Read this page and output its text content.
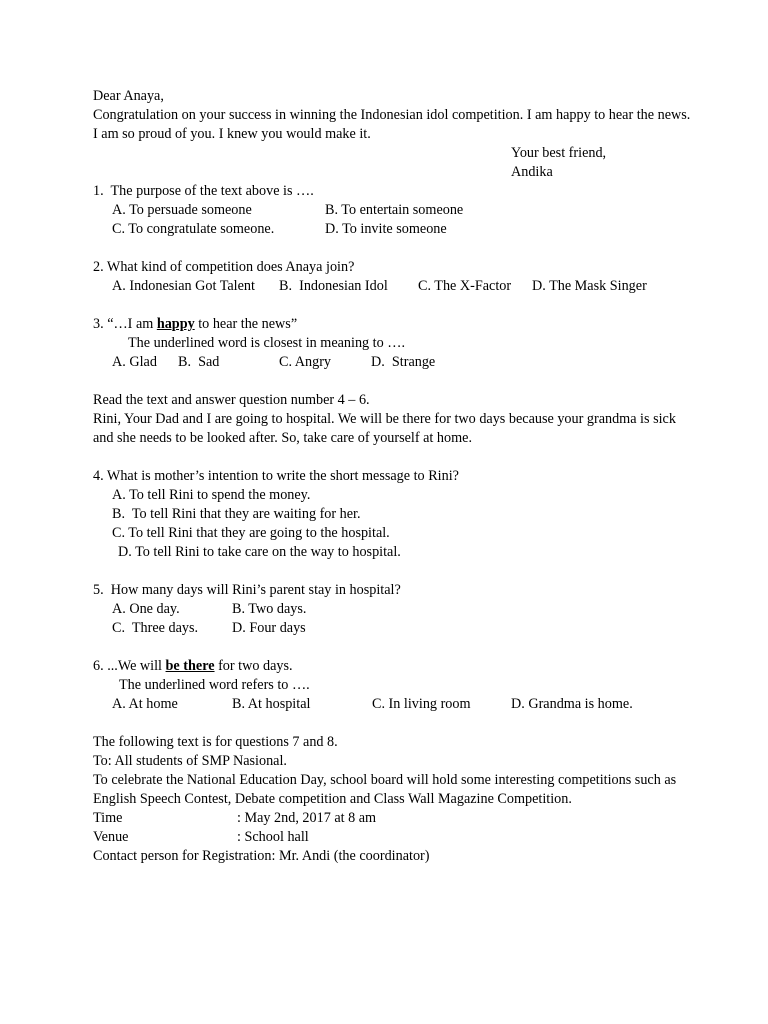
Dear Anaya,
Congratulation on your success in winning the Indonesian idol competition. I am happy to hear the news. I am so proud of you. I knew you would make it.
Your best friend,
Andika
1.  The purpose of the text above is ….
A. To persuade someone	B. To entertain someone
C. To congratulate someone.	D. To invite someone
2. What kind of competition does Anaya join?
A. Indonesian Got Talent B.  Indonesian Idol C. The X-Factor D. The Mask Singer
3. “…I am happy to hear the news”
The underlined word is closest in meaning to ….
A. Glad B.  Sad	C. Angry	D.  Strange
Read the text and answer question number 4 – 6.
Rini, Your Dad and I are going to hospital. We will be there for two days because your grandma is sick and she needs to be looked after. So, take care of yourself at home.
4. What is mother’s intention to write the short message to Rini?
A. To tell Rini to spend the money.
B.  To tell Rini that they are waiting for her.
C. To tell Rini that they are going to the hospital.
D. To tell Rini to take care on the way to hospital.
5.  How many days will Rini’s parent stay in hospital?
A. One day.	B. Two days.
C.  Three days. D. Four days
6. ...We will be there for two days.
The underlined word refers to ….
A. At home	B. At hospital	C. In living room	D. Grandma is home.
The following text is for questions 7 and 8.
To: All students of SMP Nasional.
To celebrate the National Education Day, school board will hold some interesting competitions such as English Speech Contest, Debate competition and Class Wall Magazine Competition.
Time	: May 2nd, 2017 at 8 am
Venue	: School hall
Contact person for Registration: Mr. Andi (the coordinator)
